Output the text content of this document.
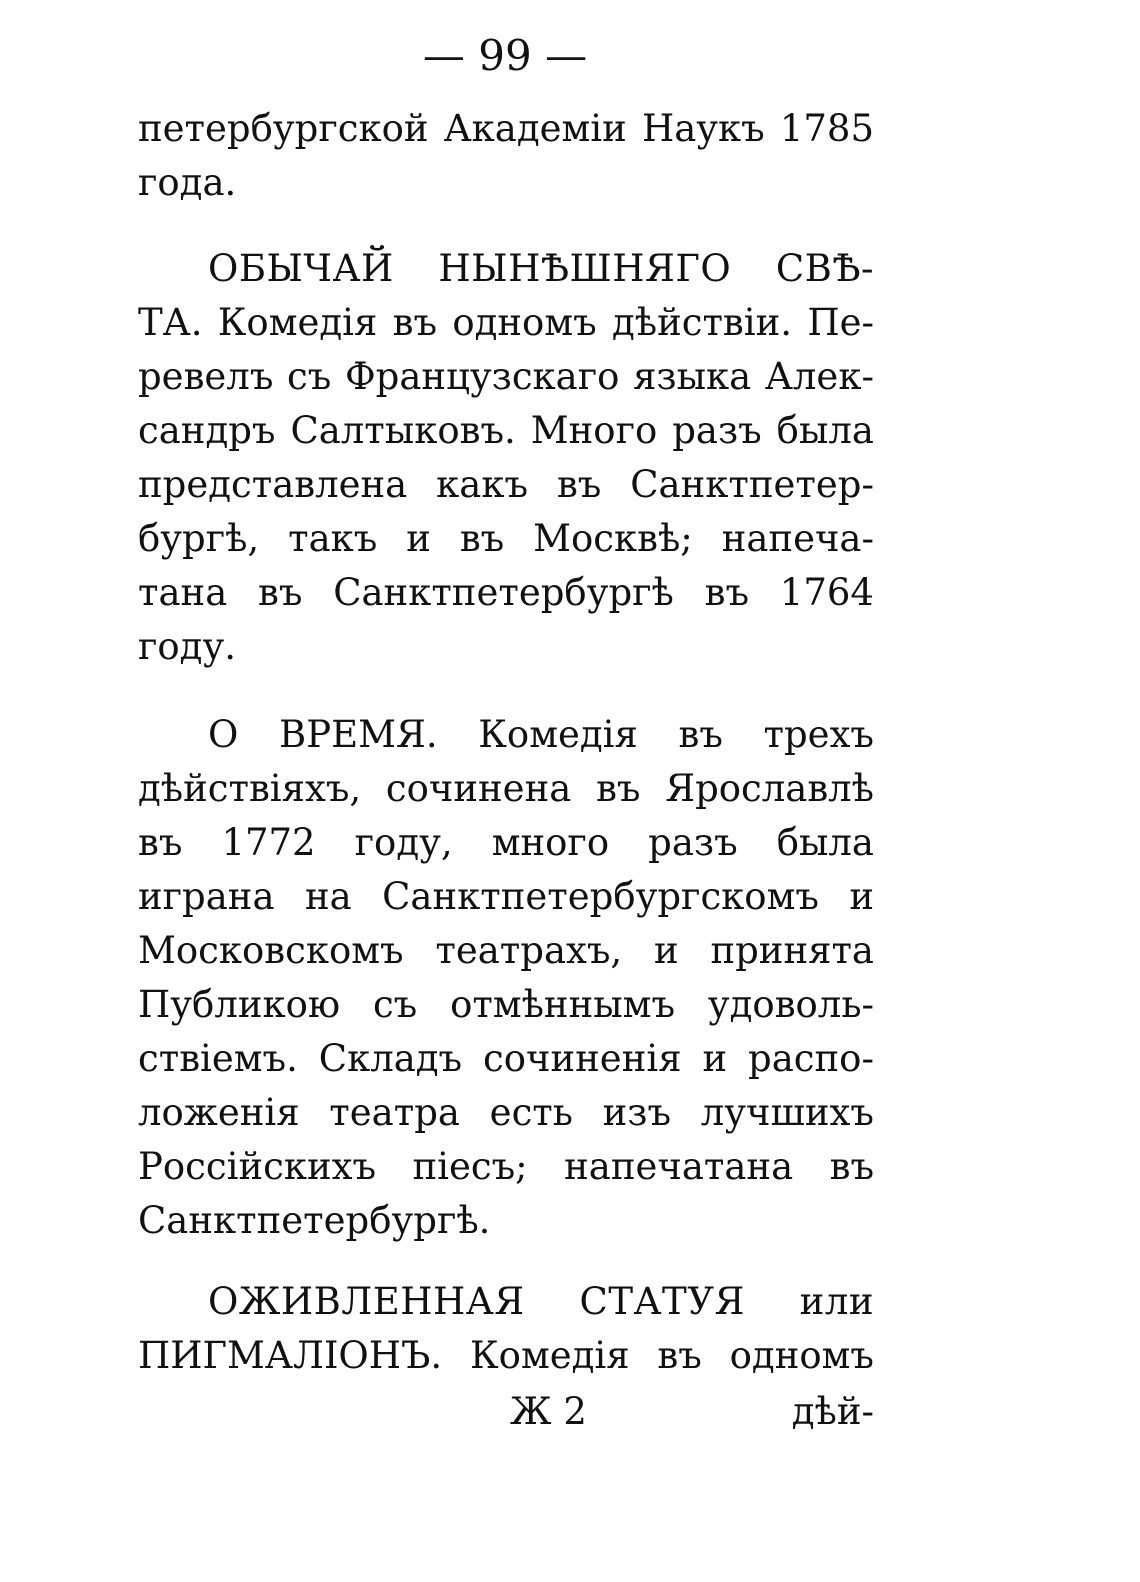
— 99 —
петербургской Академіи Наукъ 1785
года.
ОБЫЧАЙ НЫНѢШНЯГО СВѢ-
ТА. Комедія въ одномъ дѣйствіи. Пе-
ревелъ съ Французскаго языка Алек-
сандръ Салтыковъ. Много разъ была
представлена какъ въ Санктпетер-
бургѣ, такъ и въ Москвѣ; напеча-
тана въ Санктпетербургѣ въ 1764
году.
О ВРЕМЯ. Комедія въ трехъ
дѣйствіяхъ, сочинена въ Ярославлѣ
въ 1772 году, много разъ была
играна на Санктпетербургскомъ и
Московскомъ театрахъ, и принята
Публикою съ отмѣннымъ удоволь-
ствіемъ. Складъ сочиненія и распо-
ложенія театра есть изъ лучшихъ
Россійскихъ піесъ; напечатана въ
Санктпетербургѣ.
ОЖИВЛЕННАЯ СТАТУЯ или
ПИГМАЛІОНЪ. Комедія въ одномъ
Ж 2	дѣй-
